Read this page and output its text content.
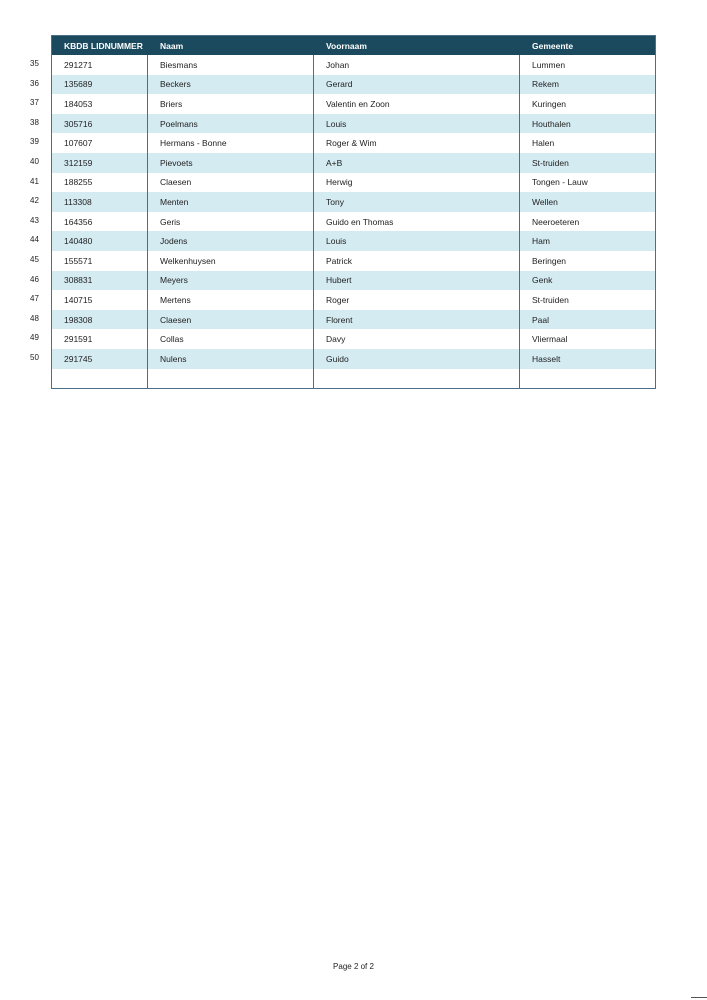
35
36
37
38
39
40
41
42
43
44
45
46
47
48
49
50
KBDB LIDNUMMER	Naam	Voornaam	Gemeente
291271	Biesmans	Johan	Lummen
135689	Beckers	Gerard	Rekem
184053	Briers	Valentin en Zoon	Kuringen
305716	Poelmans	Louis	Houthalen
107607	Hermans - Bonne	Roger & Wim	Halen
312159	Pievoets	A+B	St-truiden
188255	Claesen	Herwig	Tongen - Lauw
113308	Menten	Tony	Wellen
164356	Geris	Guido en Thomas	Neeroeteren
140480	Jodens	Louis	Ham
155571	Welkenhuysen	Patrick	Beringen
308831	Meyers	Hubert	Genk
140715	Mertens	Roger	St-truiden
198308	Claesen	Florent	Paal
291591	Collas	Davy	Vliermaal
291745	Nulens	Guido	Hasselt
Page 2 of 2
